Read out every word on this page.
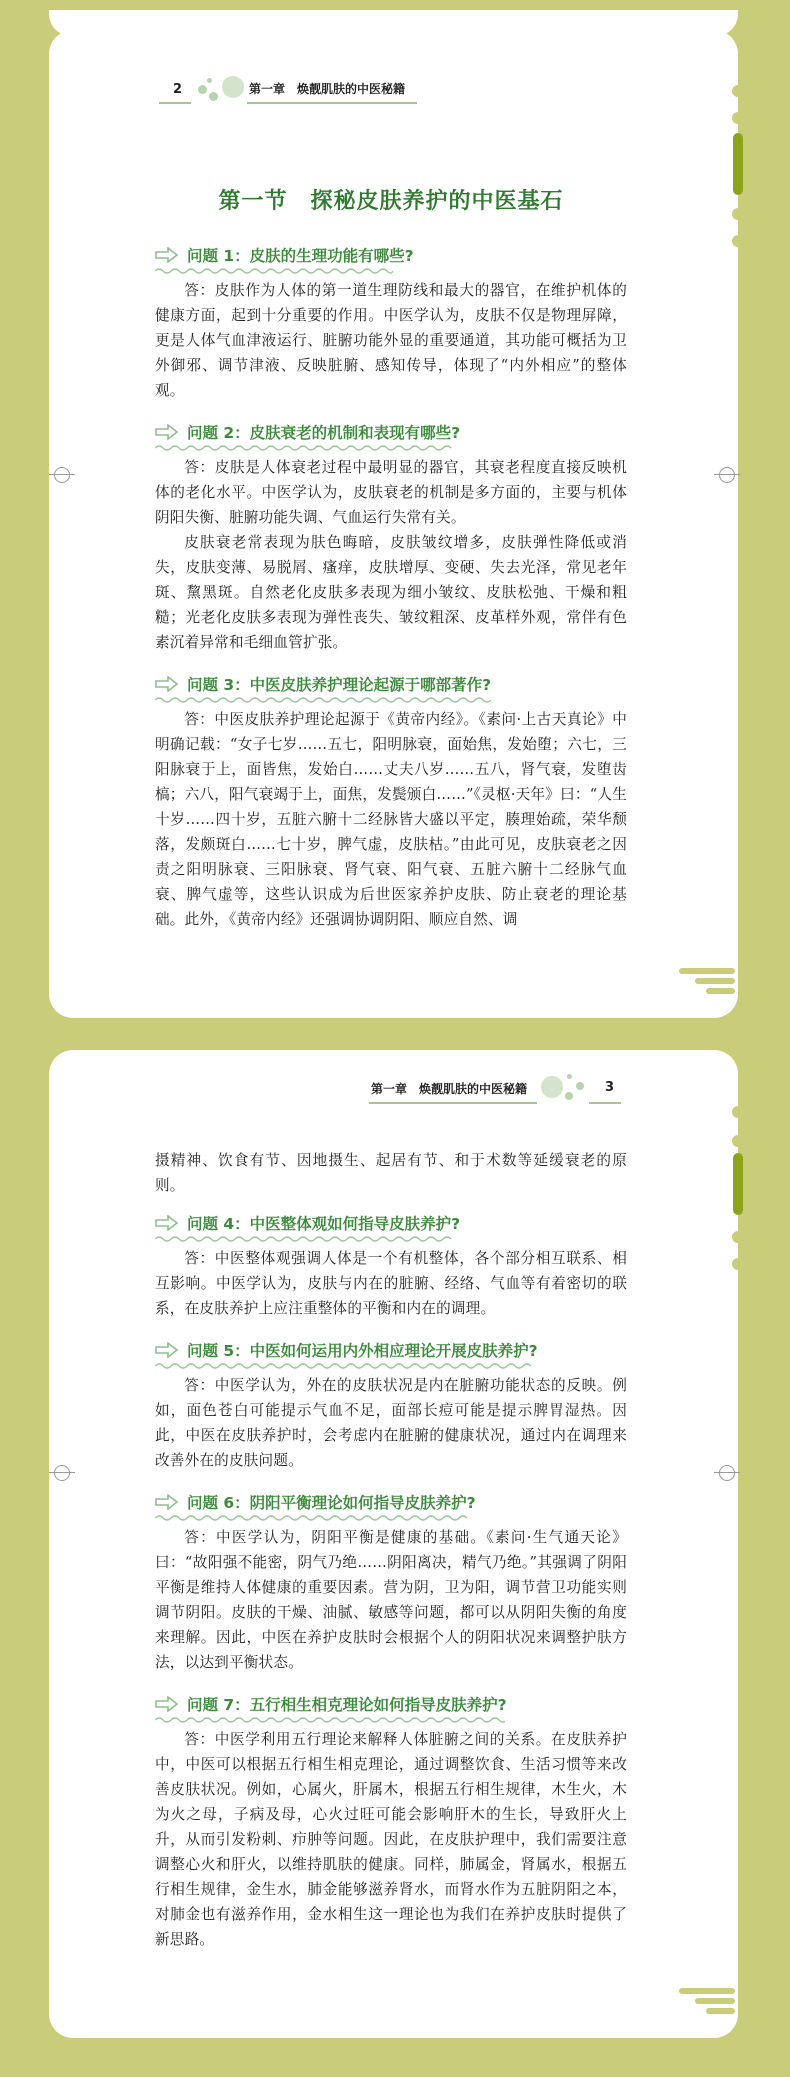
2	第一章　焕靓肌肤的中医秘籍
第一节　探秘皮肤养护的中医基石
问题 1：皮肤的生理功能有哪些?

答：皮肤作为人体的第一道生理防线和最大的器官，在维护机体的健康方面，起到十分重要的作用。中医学认为，皮肤不仅是物理屏障，更是人体气血津液运行、脏腑功能外显的重要通道，其功能可概括为卫外御邪、调节津液、反映脏腑、感知传导，体现了“内外相应”的整体观。

问题 2：皮肤衰老的机制和表现有哪些?

答：皮肤是人体衰老过程中最明显的器官，其衰老程度直接反映机体的老化水平。中医学认为，皮肤衰老的机制是多方面的，主要与机体阴阳失衡、脏腑功能失调、气血运行失常有关。

皮肤衰老常表现为肤色晦暗，皮肤皱纹增多，皮肤弹性降低或消失，皮肤变薄、易脱屑、瘙痒，皮肤增厚、变硬、失去光泽，常见老年斑、黧黑斑。自然老化皮肤多表现为细小皱纹、皮肤松弛、干燥和粗糙；光老化皮肤多表现为弹性丧失、皱纹粗深、皮革样外观，常伴有色素沉着异常和毛细血管扩张。

问题 3：中医皮肤养护理论起源于哪部著作?

答：中医皮肤养护理论起源于《黄帝内经》。《素问·上古天真论》中明确记载：“女子七岁……五七，阳明脉衰，面始焦，发始堕；六七，三阳脉衰于上，面皆焦，发始白……丈夫八岁……五八，肾气衰，发堕齿槁；六八，阳气衰竭于上，面焦，发鬓颁白……”《灵枢·天年》曰：“人生十岁……四十岁，五脏六腑十二经脉皆大盛以平定，腠理始疏，荣华颓落，发颇斑白……七十岁，脾气虚，皮肤枯。”由此可见，皮肤衰老之因责之阳明脉衰、三阳脉衰、肾气衰、阳气衰、五脏六腑十二经脉气血衰、脾气虚等，这些认识成为后世医家养护皮肤、防止衰老的理论基础。此外，《黄帝内经》还强调协调阴阳、顺应自然、调

第一章　焕靓肌肤的中医秘籍	3

摄精神、饮食有节、因地摄生、起居有节、和于术数等延缓衰老的原则。

问题 4：中医整体观如何指导皮肤养护?

答：中医整体观强调人体是一个有机整体，各个部分相互联系、相互影响。中医学认为，皮肤与内在的脏腑、经络、气血等有着密切的联系，在皮肤养护上应注重整体的平衡和内在的调理。

问题 5：中医如何运用内外相应理论开展皮肤养护?

答：中医学认为，外在的皮肤状况是内在脏腑功能状态的反映。例如，面色苍白可能提示气血不足，面部长痘可能是提示脾胃湿热。因此，中医在皮肤养护时，会考虑内在脏腑的健康状况，通过内在调理来改善外在的皮肤问题。

问题 6：阴阳平衡理论如何指导皮肤养护?

答：中医学认为，阴阳平衡是健康的基础。《素问·生气通天论》曰：“故阳强不能密，阴气乃绝……阴阳离决，精气乃绝。”其强调了阴阳平衡是维持人体健康的重要因素。营为阴，卫为阳，调节营卫功能实则调节阴阳。皮肤的干燥、油腻、敏感等问题，都可以从阴阳失衡的角度来理解。因此，中医在养护皮肤时会根据个人的阴阳状况来调整护肤方法，以达到平衡状态。

问题 7：五行相生相克理论如何指导皮肤养护?

答：中医学利用五行理论来解释人体脏腑之间的关系。在皮肤养护中，中医可以根据五行相生相克理论，通过调整饮食、生活习惯等来改善皮肤状况。例如，心属火，肝属木，根据五行相生规律，木生火，木为火之母，子病及母，心火过旺可能会影响肝木的生长，导致肝火上升，从而引发粉刺、疖肿等问题。因此，在皮肤护理中，我们需要注意调整心火和肝火，以维持肌肤的健康。同样，肺属金，肾属水，根据五行相生规律，金生水，肺金能够滋养肾水，而肾水作为五脏阴阳之本，对肺金也有滋养作用，金水相生这一理论也为我们在养护皮肤时提供了新思路。
